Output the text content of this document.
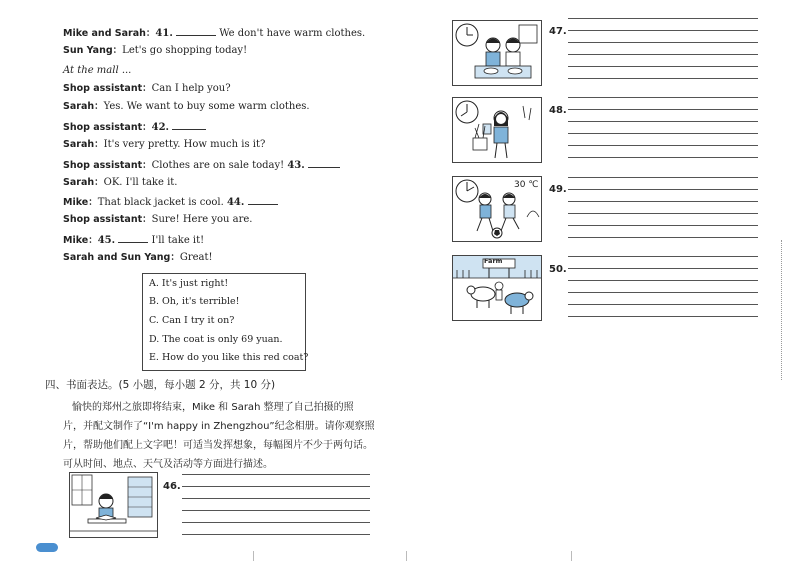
Mike and Sarah：41.	We don't have warm clothes.
Sun Yang：Let's go shopping today!
At the mall ...
Shop assistant：Can I help you?
Sarah：Yes. We want to buy some warm clothes.
Shop assistant：42.
Sarah：It's very pretty. How much is it?
Shop assistant：Clothes are on sale today! 43.
Sarah：OK. I'll take it.
Mike：That black jacket is cool. 44.
Shop assistant：Sure! Here you are.
Mike：45.	I'll take it!
Sarah and Sun Yang：Great!
A. It's just right!
B. Oh, it's terrible!
C. Can I try it on?
D. The coat is only 69 yuan.
E. How do you like this red coat?
四、书面表达。(5 小题，每小题 2 分，共 10 分)
愉快的郑州之旅即将结束，Mike 和 Sarah 整理了自己拍摄的照
片，并配文制作了“I'm happy in Zhengzhou”纪念相册。请你观察照
片，帮助他们配上文字吧！可适当发挥想象，每幅图片不少于两句话。
可从时间、地点、天气及活动等方面进行描述。
46.
47.
48.
30 ℃ 49.
Farm
50.
